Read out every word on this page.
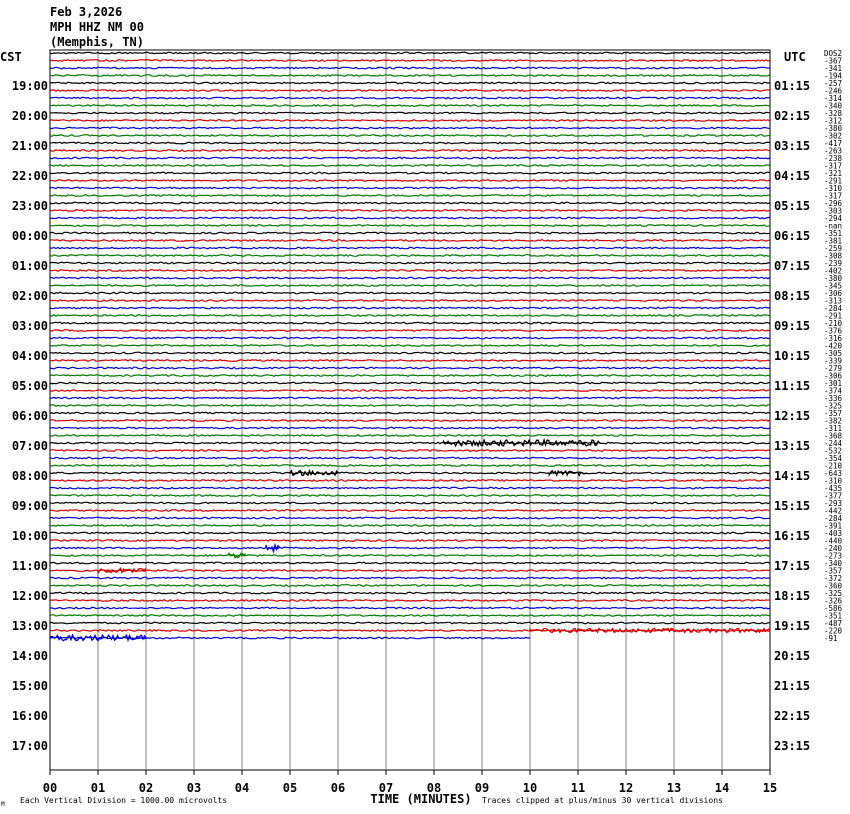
Feb 3,2026
MPH HHZ NM 00
(Memphis, TN)
CST	UTC
19:00
20:00
21:00
22:00
23:00
00:00
01:00
02:00
03:00
04:00
05:00
06:00
07:00
08:00
09:00
10:00
11:00
12:00
13:00
14:00
15:00
16:00
17:00
01:15
02:15
03:15
04:15
05:15
06:15
07:15
08:15
09:15
10:15
11:15
12:15
13:15
14:15
15:15
16:15
17:15
18:15
19:15
20:15
21:15
22:15
23:15
DOS2
-367
-341
-194
-257
-246
-314
-340
-328
-312
-380
-302
-417
-263
-238
-317
-321
-291
-310
-317
-296
-303
-294
-nan
-351
-381
-259
-308
-239
-402
-380
-345
-306
-313
-284
-291
-210
-376
-316
-420
-305
-339
-279
-306
-301
-374
-336
-325
-357
-382
-311
-368
-244
-532
-354
-210
-643
-310
-435
-377
-293
-442
-284
-391
-403
-440
-240
-273
-340
-357
-372
-360
-325
-326
-586
-351
-487
-220
-91
00	01	02	03	04	05	06	07	08	09	10	11	12	13	14	15
TIME (MINUTES)
Each Vertical Division = 1000.00 microvolts	Traces clipped at plus/minus 30 vertical divisions
M
